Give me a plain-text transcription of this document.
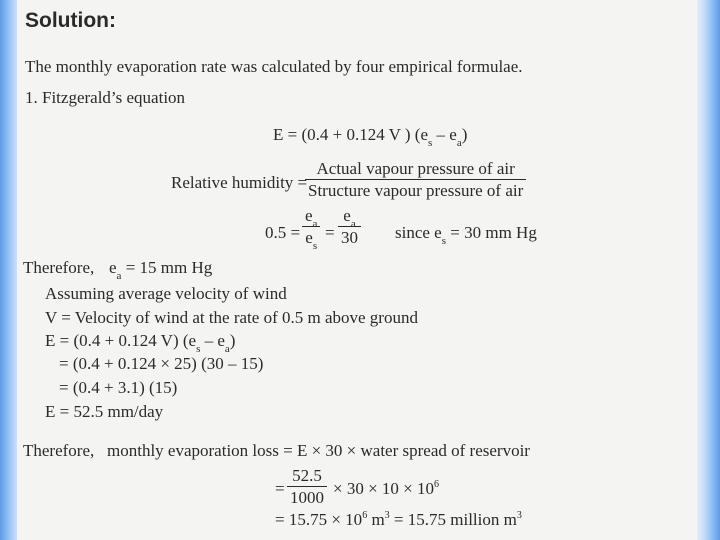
Solution:
The monthly evaporation rate was calculated by four empirical formulae.
1. Fitzgerald’s equation
E = (0.4 + 0.124 V ) $(e_s - e_a)$
Relative humidity =
Actual vapour pressure of air
Structure vapour pressure of air
$0.5 = \frac{e_a}{e_s} = \frac{e_a}{30}$ since $e_s = 30$ mm Hg
Therefore, $e_a = 15$ mm Hg
Assuming average velocity of wind
V = Velocity of wind at the rate of 0.5 m above ground
E = (0.4 + 0.124 V) $(e_s - e_a)$
= (0.4 + 0.124 × 25) (30 – 15)
= (0.4 + 3.1) (15)
E = 52.5 mm/day
Therefore, monthly evaporation loss = E × 30 × water spread of reservoir
= $\frac{52.5}{1000} \times 30 \times 10 \times 10^6$
= $15.75 \times 10^6$ $m^3 = 15.75$ million $m^3$
